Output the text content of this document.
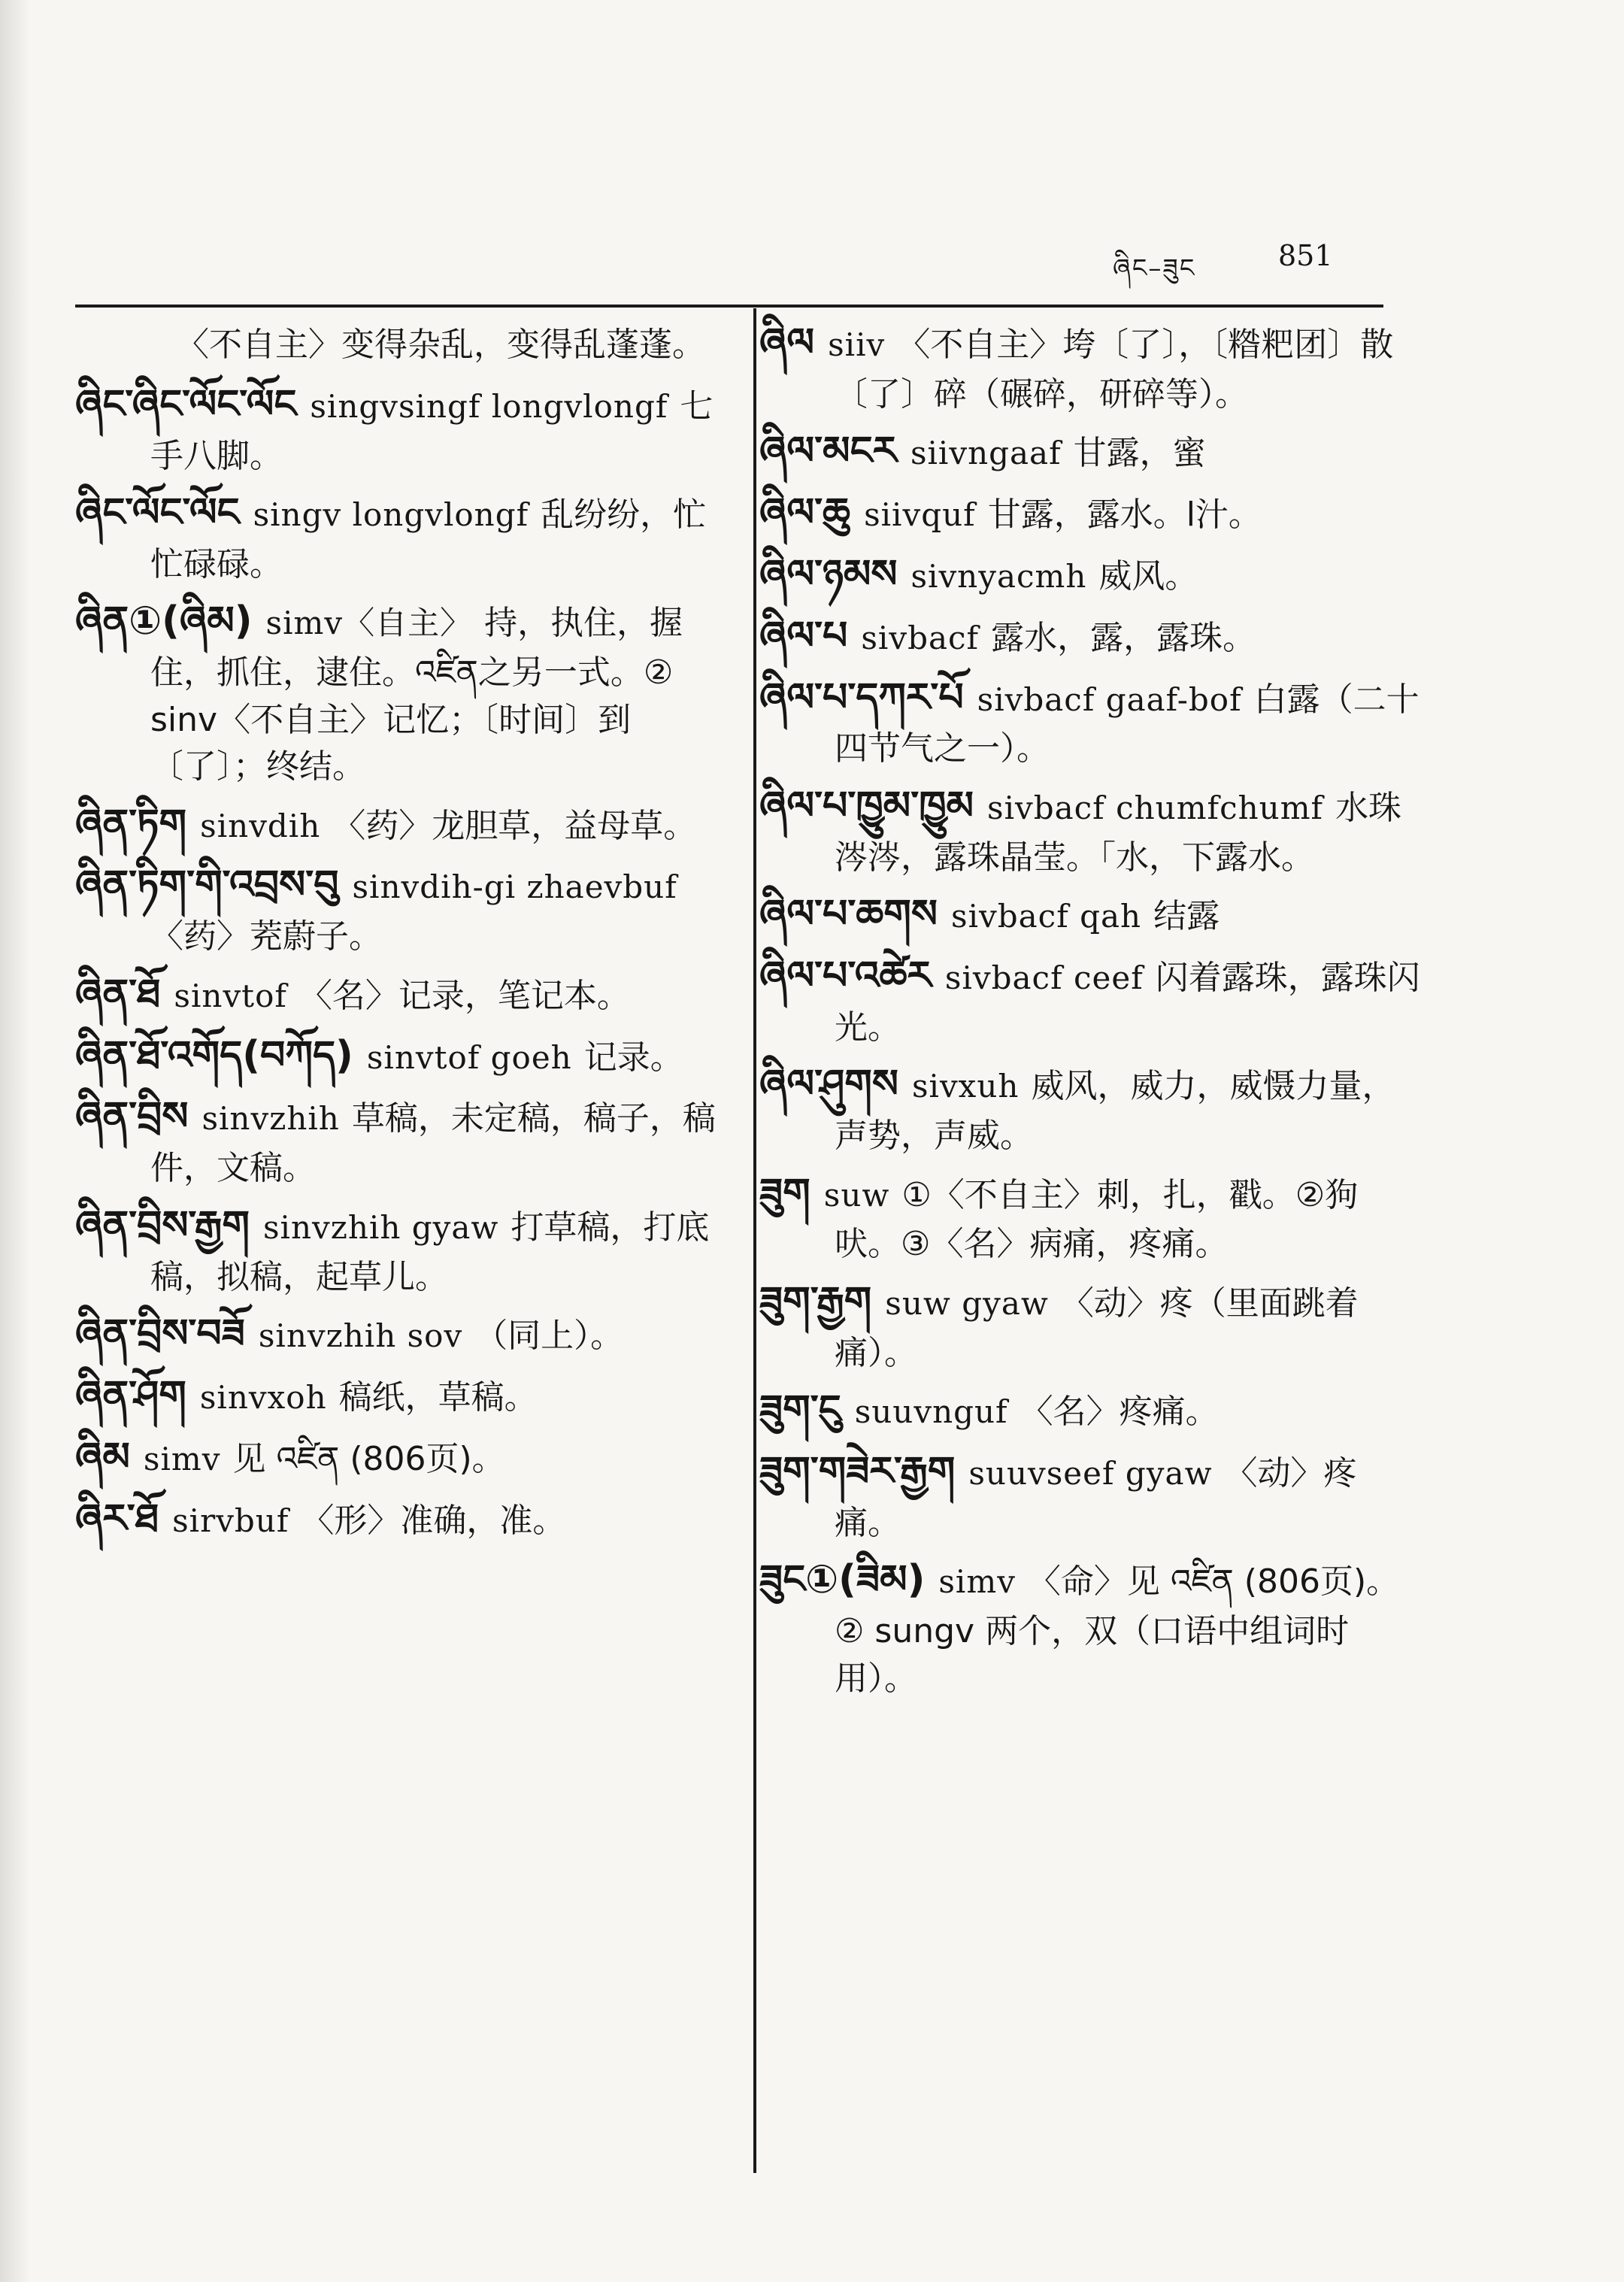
ཞིང–ཟུང	851
〈不自主〉变得杂乱，变得乱蓬蓬。
ཞིང་ཞིང་ལོང་ལོང singvsingf longvlongf 七手八脚。
ཞིང་ལོང་ལོང singv longvlongf 乱纷纷，忙忙碌碌。
ཞིན①(ཞིམ) simv〈自主〉 持，执住，握住，抓住，逮住。འཛིན之另一式。② sinv〈不自主〉记忆；〔时间〕到〔了〕；终结。
ཞིན་ཏིག sinvdih 〈药〉龙胆草，益母草。
ཞིན་ཏིག་གི་འབྲས་བུ sinvdih-gi zhaevbuf〈药〉茺蔚子。
ཞིན་ཐོ sinvtof 〈名〉记录，笔记本。
ཞིན་ཐོ་འགོད(བཀོད) sinvtof goeh 记录。
ཞིན་བྲིས sinvzhih 草稿，未定稿，稿子，稿件，文稿。
ཞིན་བྲིས་རྒྱག sinvzhih gyaw 打草稿，打底稿，拟稿，起草儿。
ཞིན་བྲིས་བཟོ sinvzhih sov （同上）。
ཞིན་ཤོག sinvxoh 稿纸，草稿。
ཞིམ simv 见 འཛིན (806页)。
ཞིར་ཐོ sirvbuf 〈形〉准确，准。
ཞིལ siiv 〈不自主〉垮〔了〕，〔糌粑团〕散〔了〕碎（碾碎，研碎等）。
ཞིལ་མངར siivngaaf 甘露，蜜
ཞིལ་ཆུ siivquf 甘露，露水。l汁。
ཞིལ་ཉམས sivnyacmh 威风。
ཞིལ་པ sivbacf 露水，露，露珠。
ཞིལ་པ་དཀར་པོ sivbacf gaaf-bof 白露（二十四节气之一）。
ཞིལ་པ་ཁྱུམ་ཁྱུམ sivbacf chumfchumf 水珠涔涔，露珠晶莹。「水，下露水。
ཞིལ་པ་ཆགས sivbacf qah 结露
ཞིལ་པ་འཚེར sivbacf ceef 闪着露珠，露珠闪光。
ཞིལ་ཤུགས sivxuh 威风，威力，威慑力量，声势，声威。
ཟུག suw ①〈不自主〉刺，扎，戳。②狗吠。③〈名〉病痛，疼痛。
ཟུག་རྒྱག suw gyaw 〈动〉疼（里面跳着痛）。
ཟུག་ངུ suuvnguf 〈名〉疼痛。
ཟུག་གཟེར་རྒྱག suuvseef gyaw 〈动〉疼痛。
ཟུང①(ཟིམ) simv 〈命〉见 འཛིན (806页)。② sungv 两个，双（口语中组词时用）。
